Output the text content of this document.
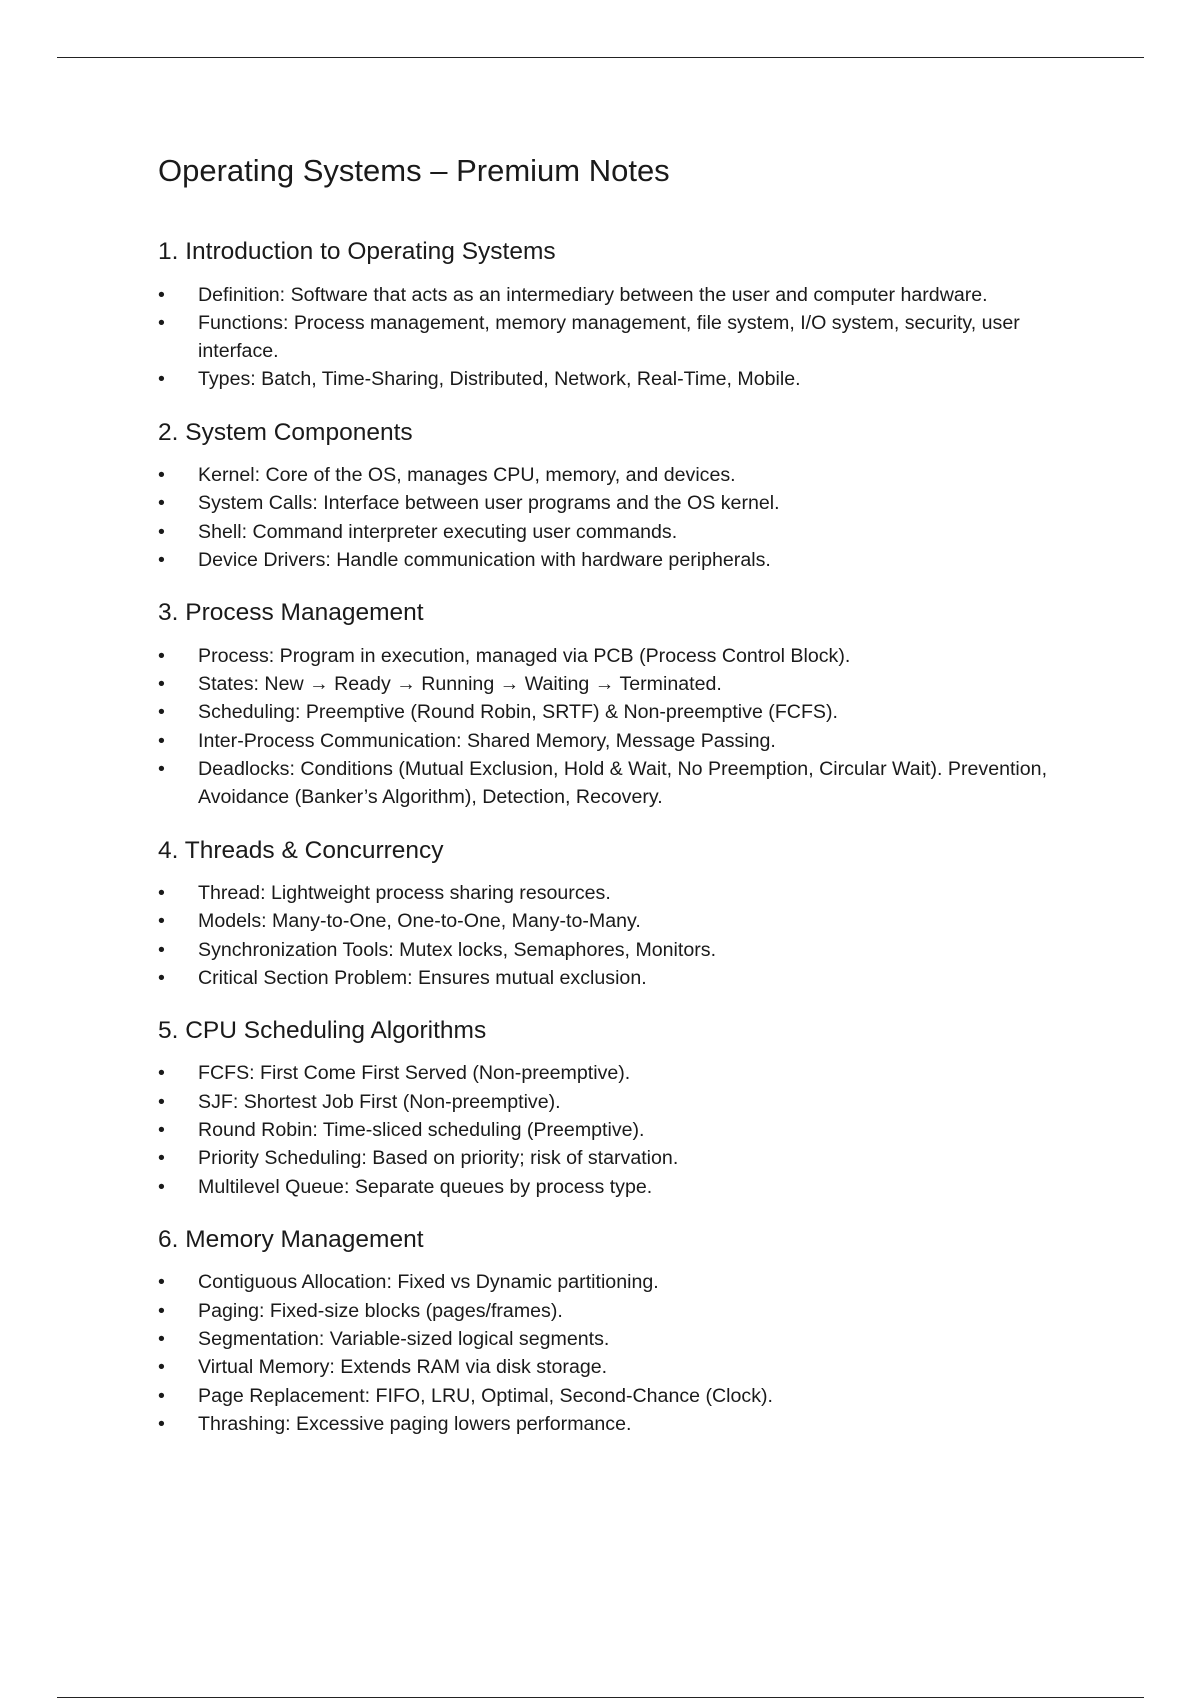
Operating Systems – Premium Notes
1. Introduction to Operating Systems
• Definition: Software that acts as an intermediary between the user and computer hardware.
• Functions: Process management, memory management, file system, I/O system, security, user interface.
• Types: Batch, Time-Sharing, Distributed, Network, Real-Time, Mobile.
2. System Components
• Kernel: Core of the OS, manages CPU, memory, and devices.
• System Calls: Interface between user programs and the OS kernel.
• Shell: Command interpreter executing user commands.
• Device Drivers: Handle communication with hardware peripherals.
3. Process Management
• Process: Program in execution, managed via PCB (Process Control Block).
• States: New → Ready → Running → Waiting → Terminated.
• Scheduling: Preemptive (Round Robin, SRTF) & Non-preemptive (FCFS).
• Inter-Process Communication: Shared Memory, Message Passing.
• Deadlocks: Conditions (Mutual Exclusion, Hold & Wait, No Preemption, Circular Wait). Prevention, Avoidance (Banker’s Algorithm), Detection, Recovery.
4. Threads & Concurrency
• Thread: Lightweight process sharing resources.
• Models: Many-to-One, One-to-One, Many-to-Many.
• Synchronization Tools: Mutex locks, Semaphores, Monitors.
• Critical Section Problem: Ensures mutual exclusion.
5. CPU Scheduling Algorithms
• FCFS: First Come First Served (Non-preemptive).
• SJF: Shortest Job First (Non-preemptive).
• Round Robin: Time-sliced scheduling (Preemptive).
• Priority Scheduling: Based on priority; risk of starvation.
• Multilevel Queue: Separate queues by process type.
6. Memory Management
• Contiguous Allocation: Fixed vs Dynamic partitioning.
• Paging: Fixed-size blocks (pages/frames).
• Segmentation: Variable-sized logical segments.
• Virtual Memory: Extends RAM via disk storage.
• Page Replacement: FIFO, LRU, Optimal, Second-Chance (Clock).
• Thrashing: Excessive paging lowers performance.
